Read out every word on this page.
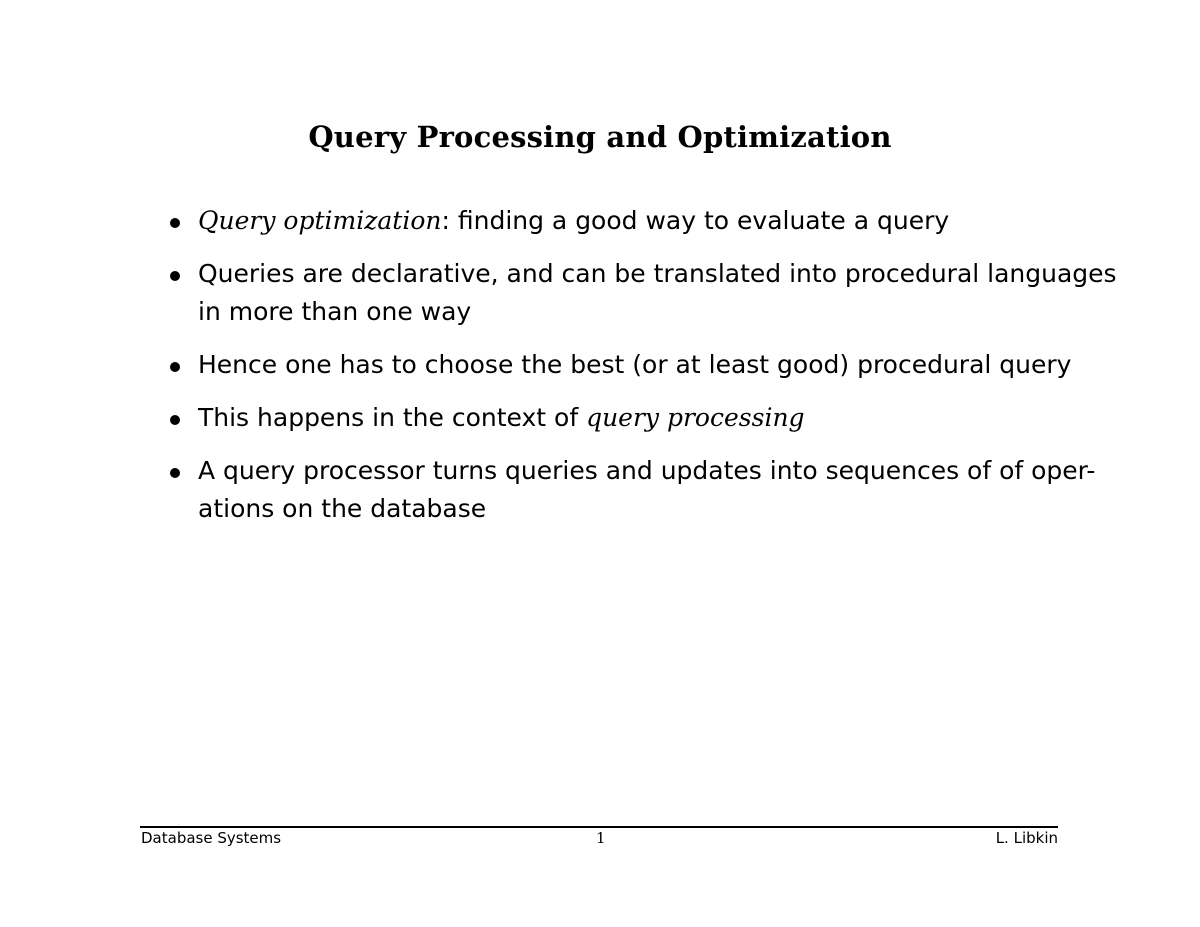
Query Processing and Optimization
Query optimization: finding a good way to evaluate a query
Queries are declarative, and can be translated into procedural languages
in more than one way
Hence one has to choose the best (or at least good) procedural query
This happens in the context of query processing
A query processor turns queries and updates into sequences of of oper-
ations on the database
Database Systems	1	L. Libkin
